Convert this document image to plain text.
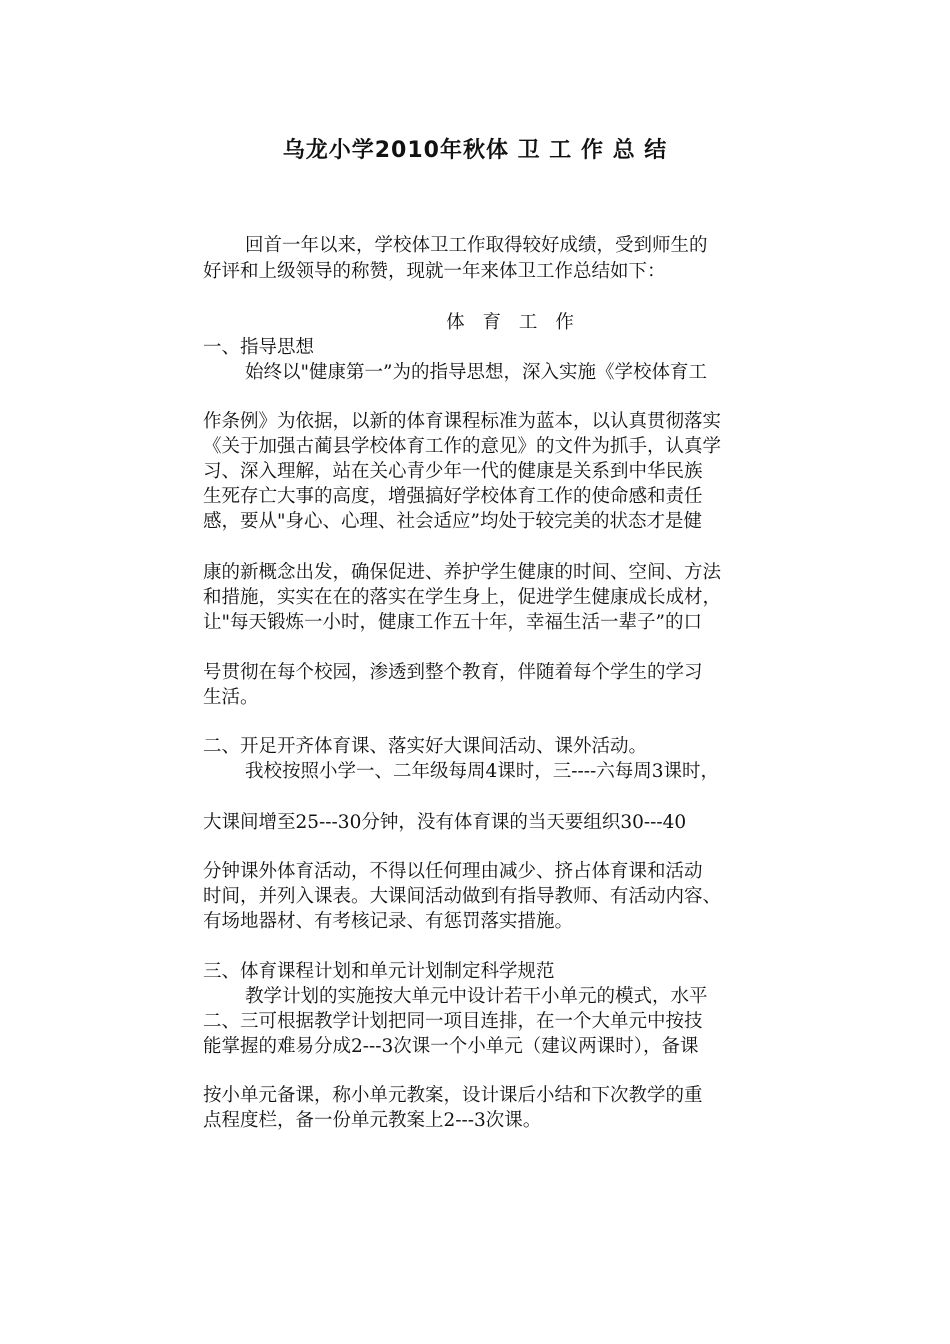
乌龙小学2010年秋体 卫 工 作 总 结
回首一年以来，学校体卫工作取得较好成绩，受到师生的
好评和上级领导的称赞，现就一年来体卫工作总结如下：
体 育 工 作
一、指导思想
始终以"健康第一”为的指导思想，深入实施《学校体育工
作条例》为依据，以新的体育课程标准为蓝本，以认真贯彻落实
《关于加强古蔺县学校体育工作的意见》的文件为抓手，认真学
习、深入理解，站在关心青少年一代的健康是关系到中华民族
生死存亡大事的高度，增强搞好学校体育工作的使命感和责任
感，要从"身心、心理、社会适应”均处于较完美的状态才是健
康的新概念出发，确保促进、养护学生健康的时间、空间、方法
和措施，实实在在的落实在学生身上，促进学生健康成长成材，
让"每天锻炼一小时，健康工作五十年，幸福生活一辈子”的口
号贯彻在每个校园，渗透到整个教育，伴随着每个学生的学习
生活。
二、开足开齐体育课、落实好大课间活动、课外活动。
我校按照小学一、二年级每周4课时，三----六每周3课时，
大课间增至25---30分钟，没有体育课的当天要组织30---40
分钟课外体育活动，不得以任何理由减少、挤占体育课和活动
时间，并列入课表。大课间活动做到有指导教师、有活动内容、
有场地器材、有考核记录、有惩罚落实措施。
三、体育课程计划和单元计划制定科学规范
教学计划的实施按大单元中设计若干小单元的模式，水平
二、三可根据教学计划把同一项目连排，在一个大单元中按技
能掌握的难易分成2---3次课一个小单元（建议两课时），备课
按小单元备课，称小单元教案，设计课后小结和下次教学的重
点程度栏，备一份单元教案上2---3次课。
